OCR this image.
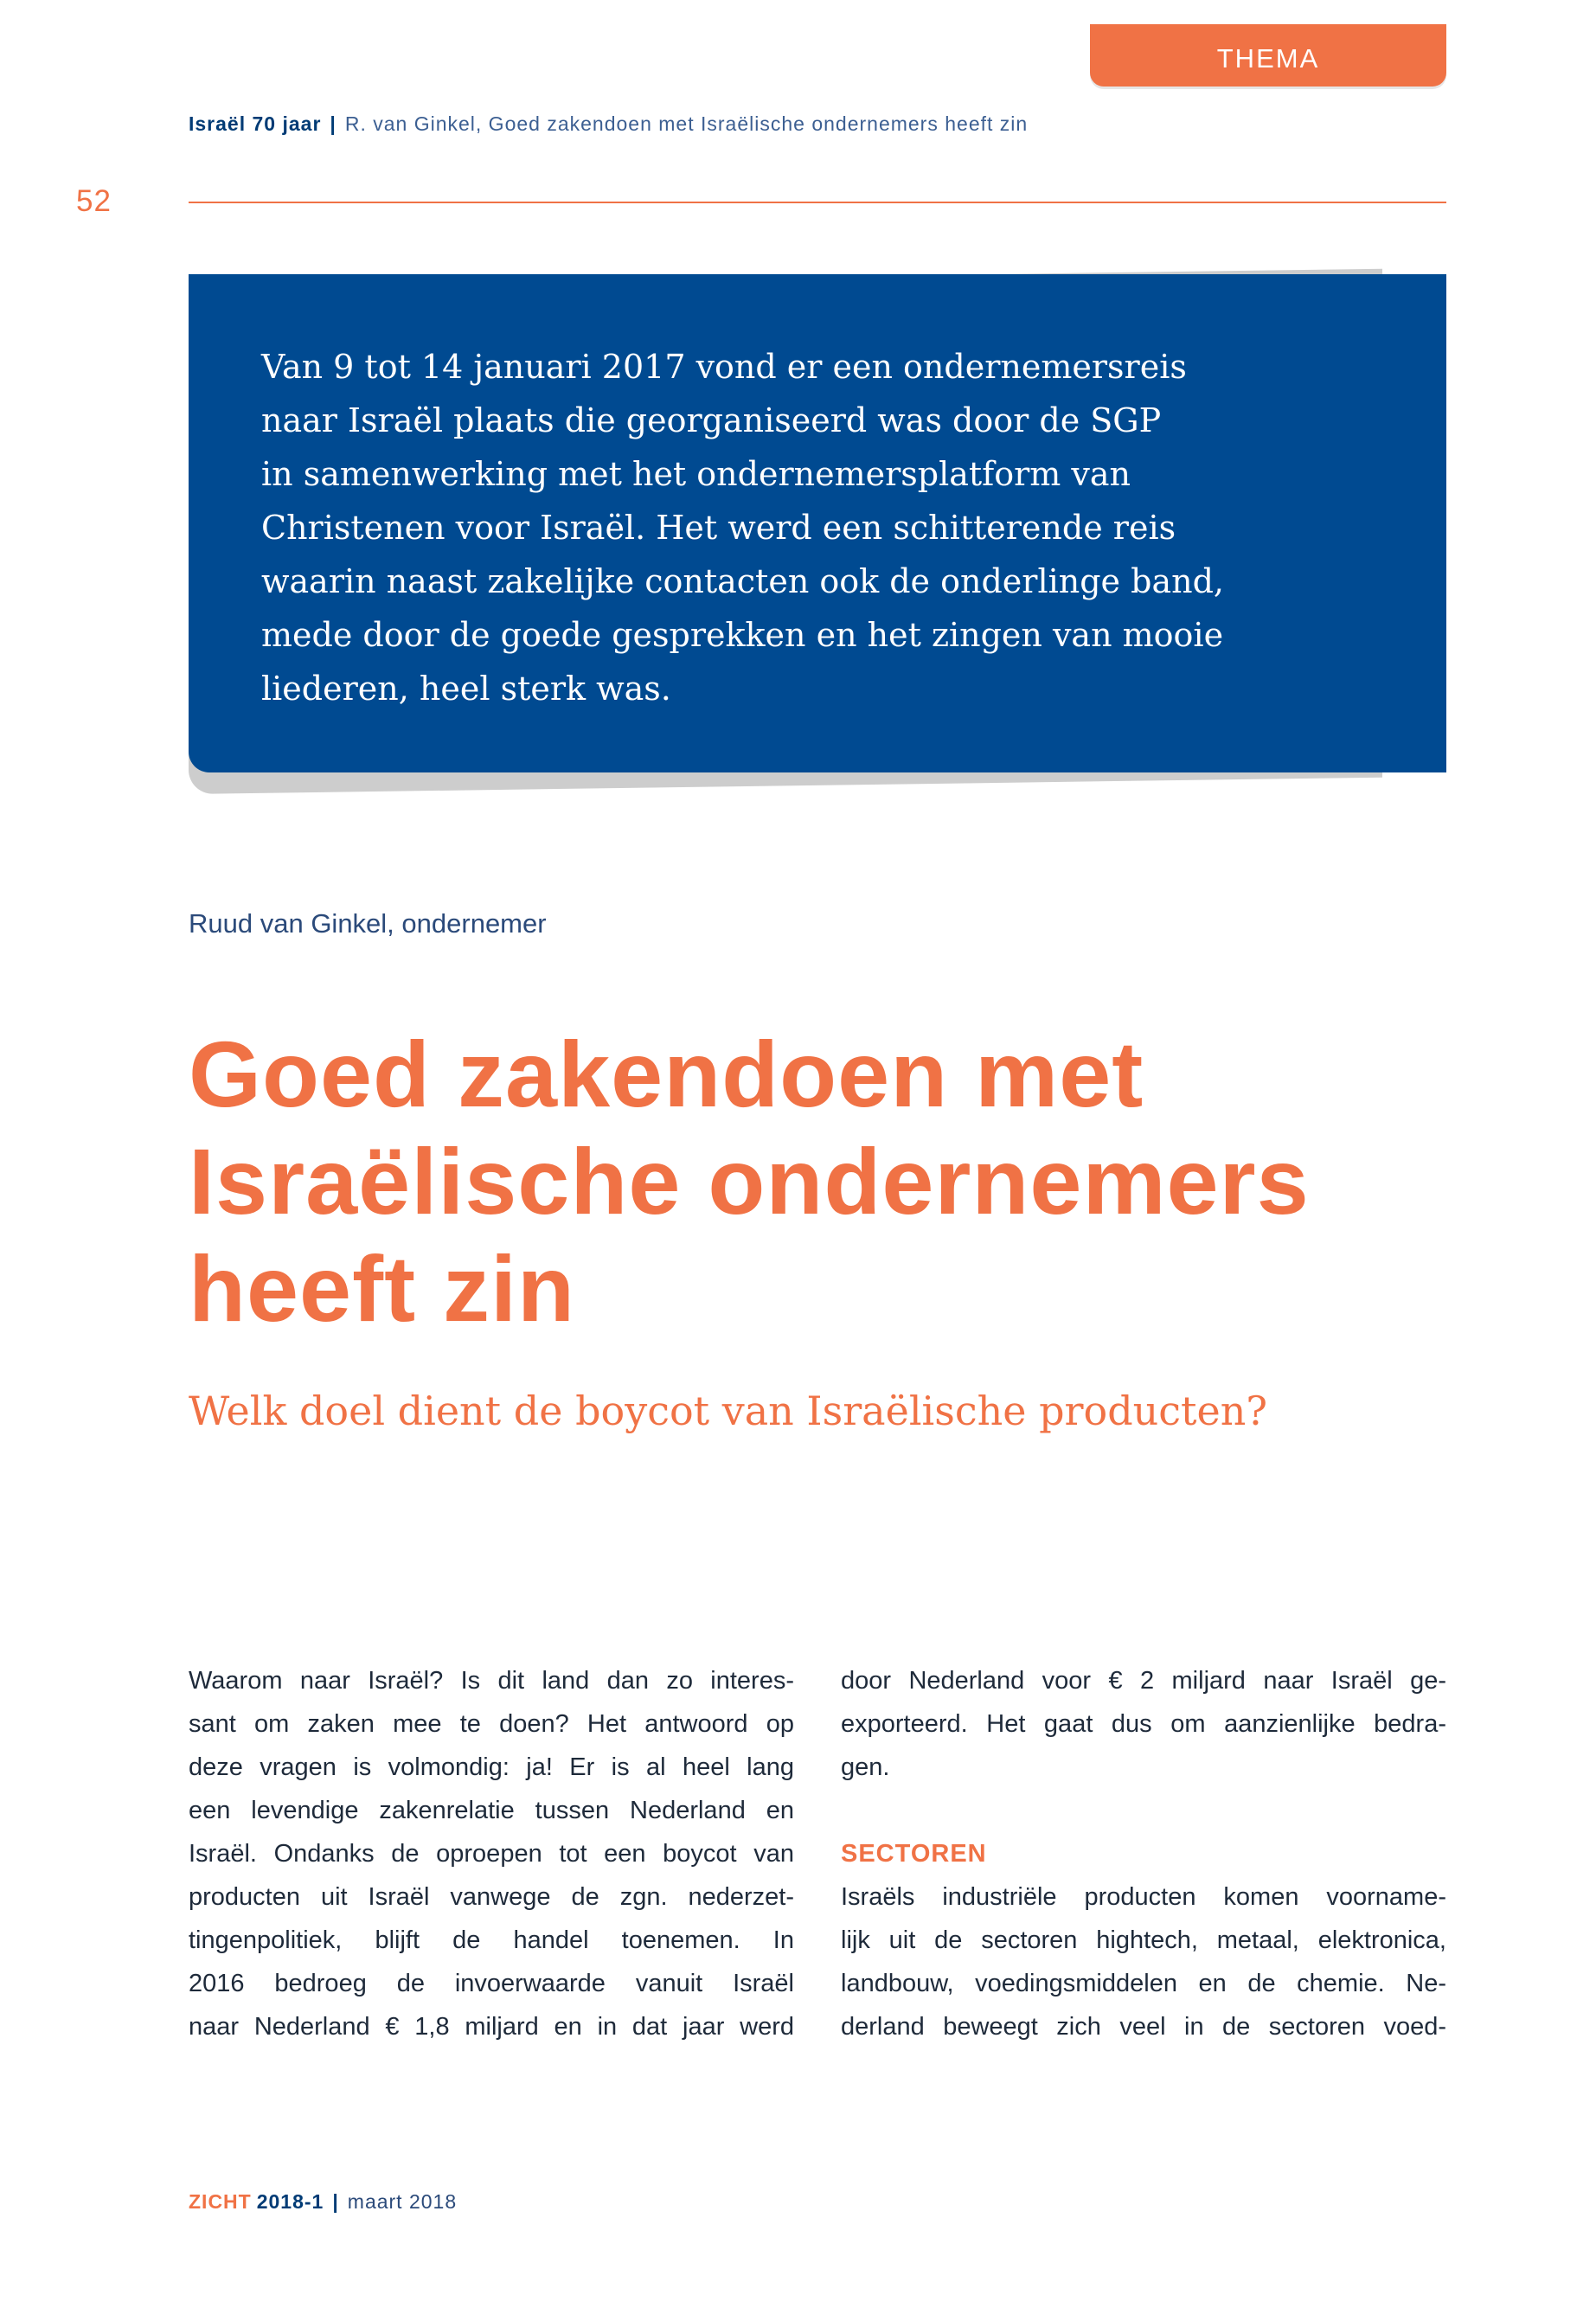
THEMA
Israël 70 jaar | R. van Ginkel, Goed zakendoen met Israëlische ondernemers heeft zin
52

Van 9 tot 14 januari 2017 vond er een ondernemersreis

naar Israël plaats die georganiseerd was door de SGP

in samenwerking met het ondernemersplatform van

Christenen voor Israël. Het werd een schitterende reis

waarin naast zakelijke contacten ook de onderlinge band,

mede door de goede gesprekken en het zingen van mooie

liederen, heel sterk was.

Ruud van Ginkel, ondernemer

Goed zakendoen met

Israëlische ondernemers

heeft zin

Welk doel dient de boycot van Israëlische producten?

Waarom naar Israël? Is dit land dan zo interes-

sant om zaken mee te doen? Het antwoord op

deze vragen is volmondig: ja! Er is al heel lang

een levendige zakenrelatie tussen Nederland en

Israël. Ondanks de oproepen tot een boycot van

producten uit Israël vanwege de zgn. nederzet-

tingenpolitiek, blijft de handel toenemen. In

2016 bedroeg de invoerwaarde vanuit Israël

naar Nederland € 1,8 miljard en in dat jaar werd

door Nederland voor € 2 miljard naar Israël ge-

exporteerd. Het gaat dus om aanzienlijke bedra-

gen.

SECTOREN

Israëls industriële producten komen voorname-

lijk uit de sectoren hightech, metaal, elektronica,

landbouw, voedingsmiddelen en de chemie. Ne-

derland beweegt zich veel in de sectoren voed-

ZICHT 2018-1 | maart 2018
